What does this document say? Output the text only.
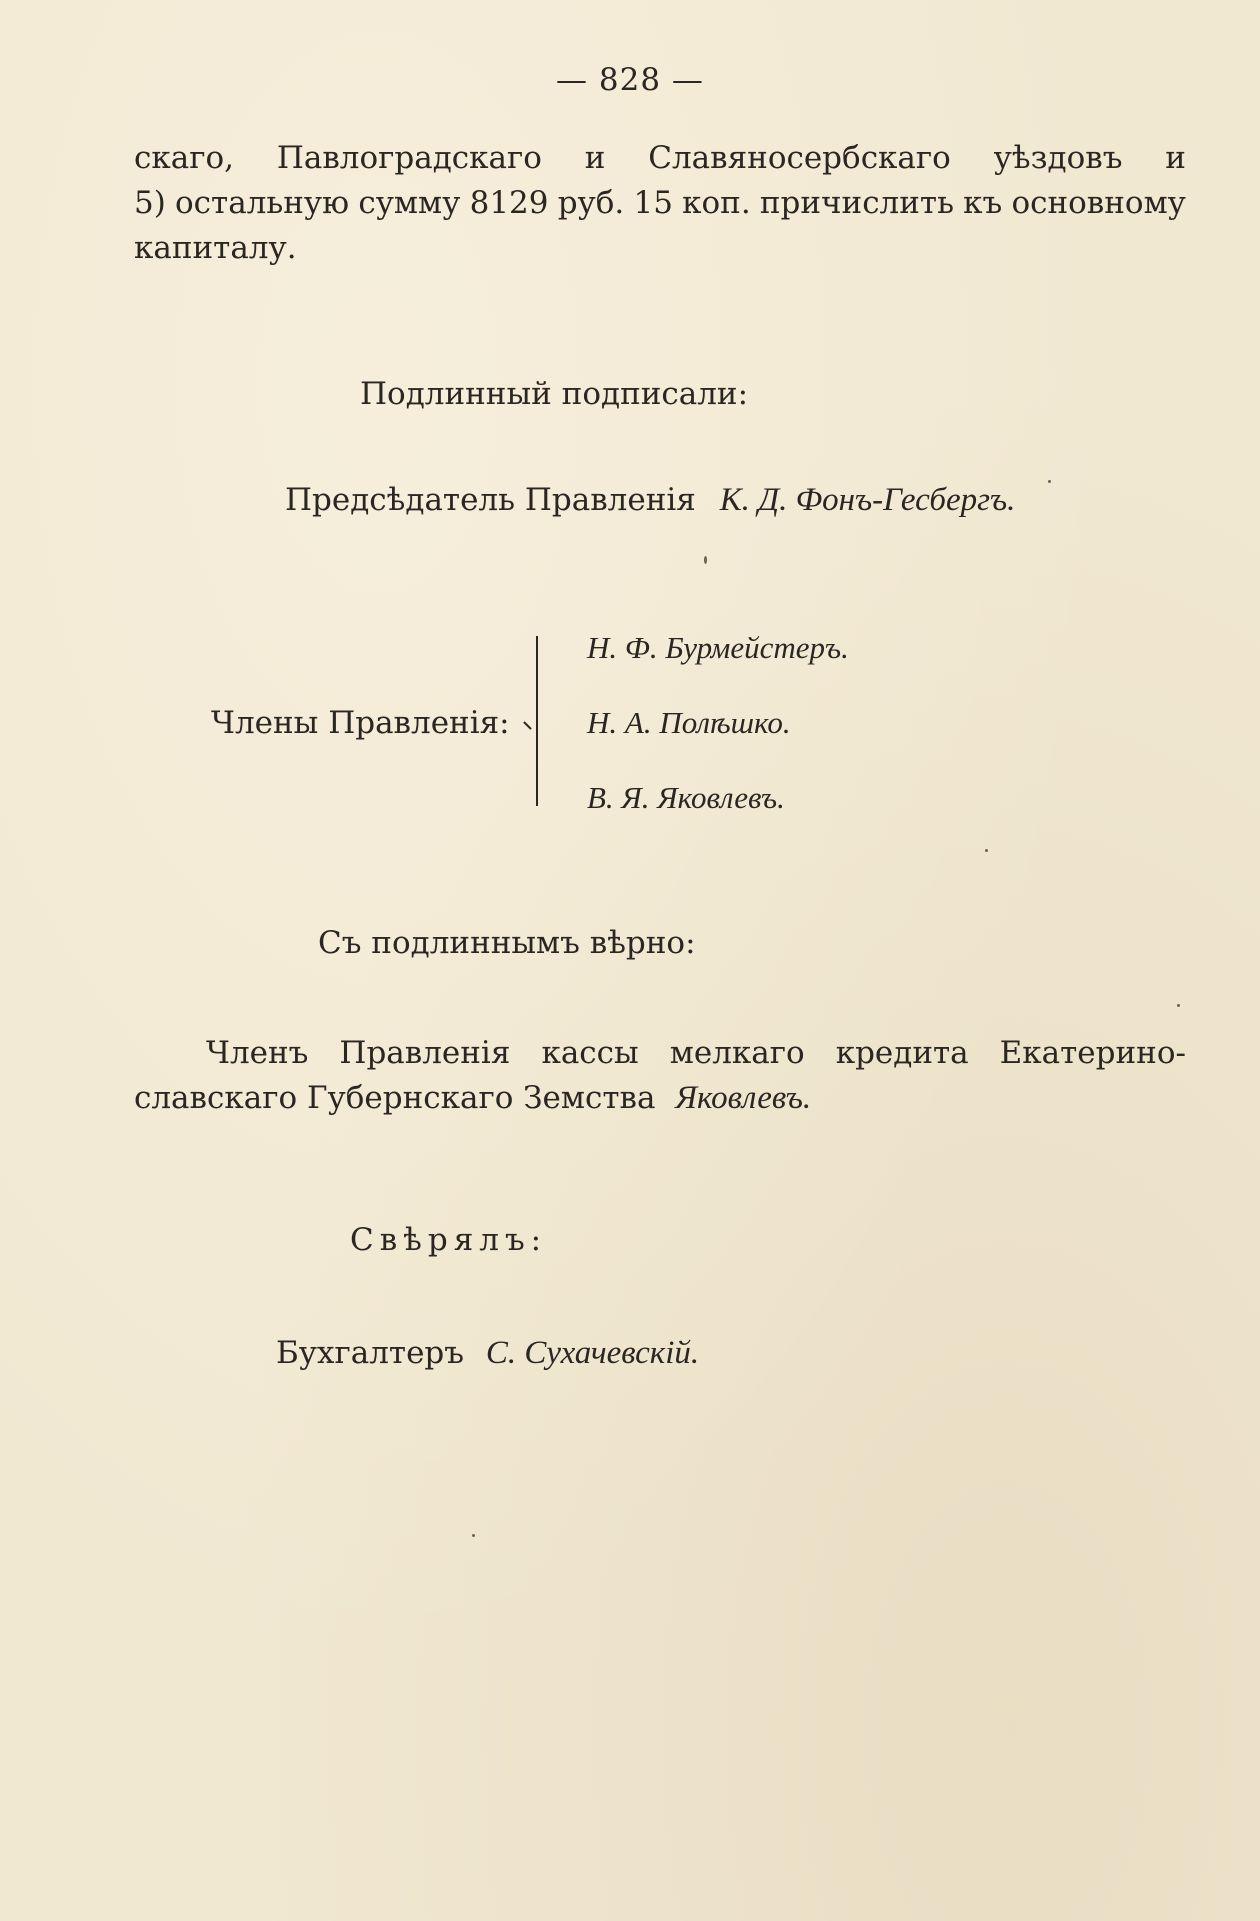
— 828 —
скаго, Павлоградскаго и Славяносербскаго уѣздовъ и
5) остальную сумму 8129 руб. 15 коп. причислить къ основному
капиталу.
Подлинный подписали:
Предсѣдатель Правленія К. Д. Фонъ-Гесбергъ.
Члены Правленія:
Н. Ф. Бурмейстеръ.
Н. А. Полѣшко.
В. Я. Яковлевъ.
Съ подлиннымъ вѣрно:
Членъ Правленія кассы мелкаго кредита Екатерино-
славскаго Губернскаго Земства Яковлевъ.
Свѣрялъ:
Бухгалтеръ С. Сухачевскій.
